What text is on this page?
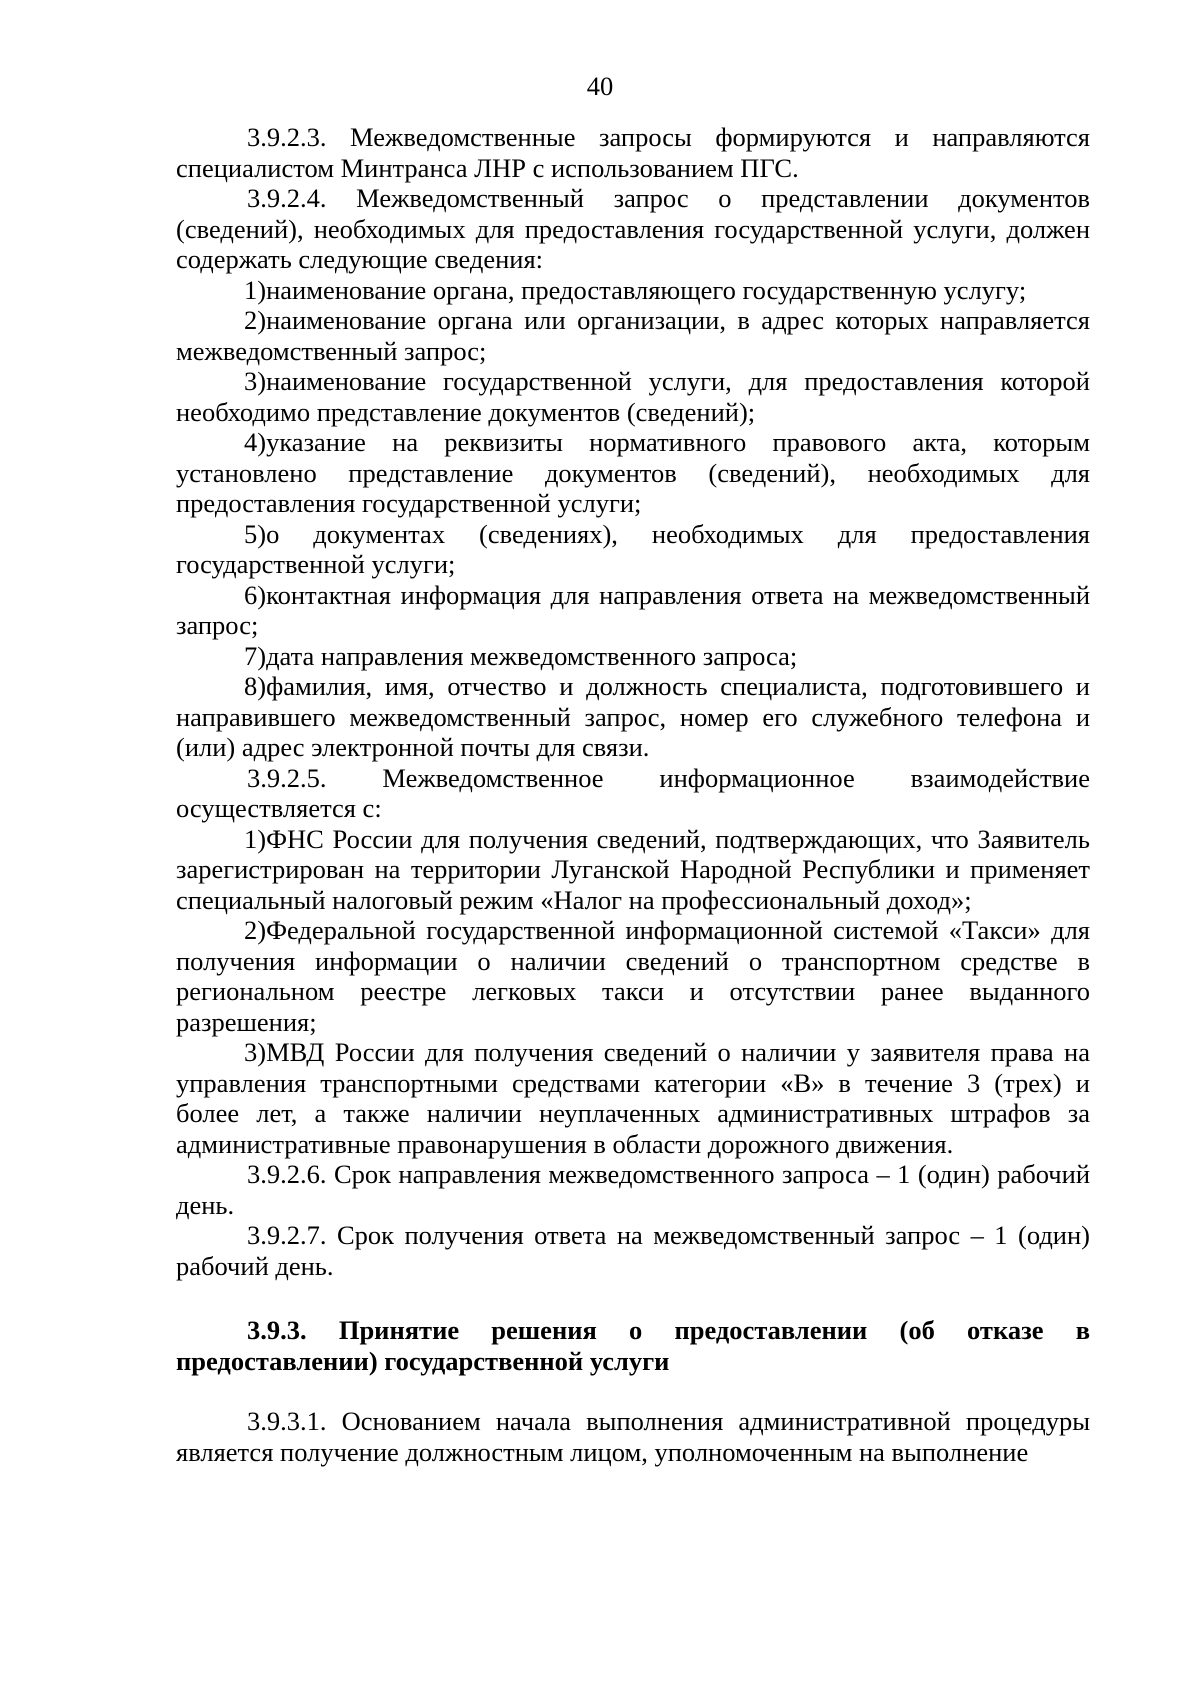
40

3.9.2.3. Межведомственные запросы формируются и направляются специалистом Минтранса ЛНР с использованием ПГС.

3.9.2.4. Межведомственный запрос о представлении документов (сведений), необходимых для предоставления государственной услуги, должен содержать следующие сведения:

1)наименование органа, предоставляющего государственную услугу;

2)наименование органа или организации, в адрес которых направляется межведомственный запрос;

3)наименование государственной услуги, для предоставления которой необходимо представление документов (сведений);

4)указание на реквизиты нормативного правового акта, которым установлено представление документов (сведений), необходимых для предоставления государственной услуги;

5)о документах (сведениях), необходимых для предоставления государственной услуги;

6)контактная информация для направления ответа на межведомственный запрос;

7)дата направления межведомственного запроса;

8)фамилия, имя, отчество и должность специалиста, подготовившего и направившего межведомственный запрос, номер его служебного телефона и (или) адрес электронной почты для связи.

3.9.2.5. Межведомственное информационное взаимодействие осуществляется с:

1)ФНС России для получения сведений, подтверждающих, что Заявитель зарегистрирован на территории Луганской Народной Республики и применяет специальный налоговый режим «Налог на профессиональный доход»;

2)Федеральной государственной информационной системой «Такси» для получения информации о наличии сведений о транспортном средстве в региональном реестре легковых такси и отсутствии ранее выданного разрешения;

3)МВД России для получения сведений о наличии у заявителя права на управления транспортными средствами категории «В» в течение 3 (трех) и более лет, а также наличии неуплаченных административных штрафов за административные правонарушения в области дорожного движения.

3.9.2.6. Срок направления межведомственного запроса – 1 (один) рабочий день.

3.9.2.7. Срок получения ответа на межведомственный запрос – 1 (один) рабочий день.

3.9.3. Принятие решения о предоставлении (об отказе в предоставлении) государственной услуги

3.9.3.1. Основанием начала выполнения административной процедуры является получение должностным лицом, уполномоченным на выполнение
